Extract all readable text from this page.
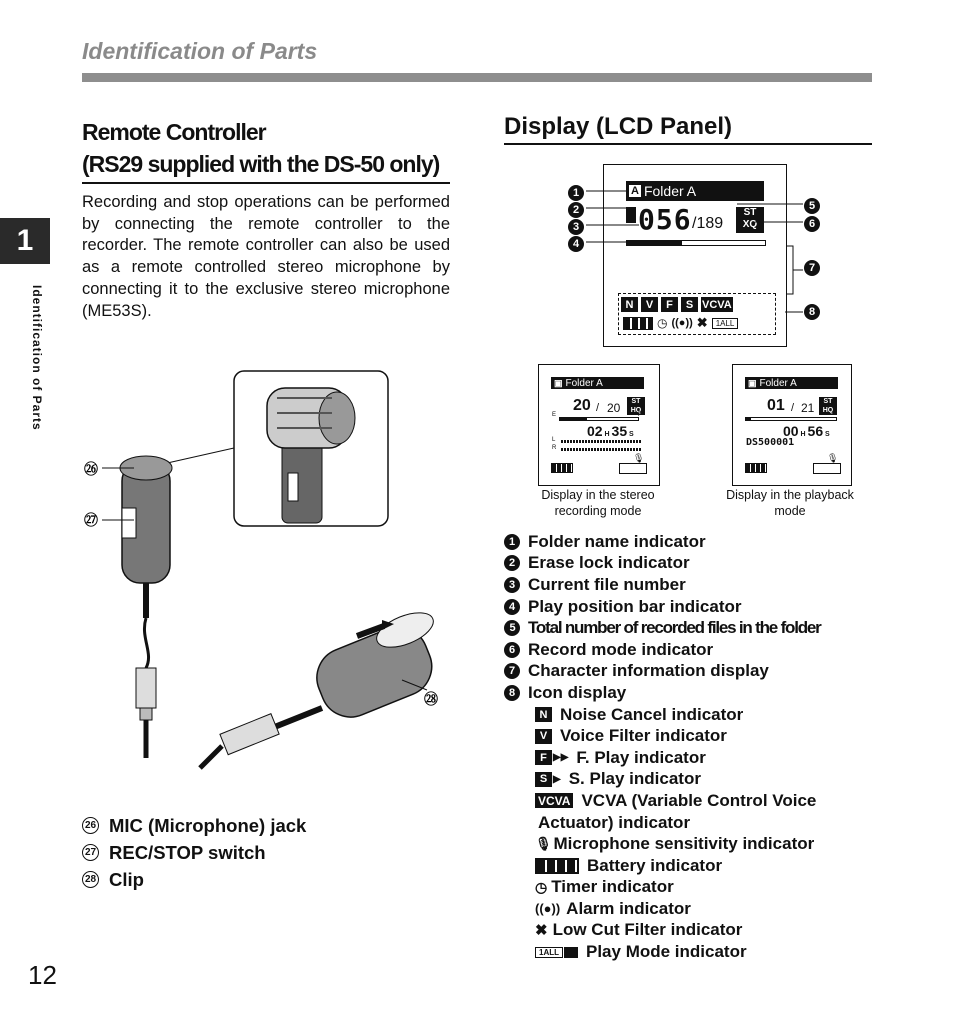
Identification of Parts
1
Identification of Parts
12
Remote Controller
(RS29 supplied with the DS-50 only)
Recording and stop operations can be performed by connecting the remote controller to the recorder. The remote controller can also be used as a remote controlled stereo microphone by connecting it to the exclusive stereo microphone (ME53S).
㉖
㉗
㉘
26 MIC (Microphone) jack
27 REC/STOP switch
28 Clip
Display (LCD Panel)
A Folder A
056 /189
ST
XQ
N	V	F	S VCVA
◷ ((●)) ✖	1ALL
1
2
3
4
5
6
7
8
▣ Folder A
20 / 20	ST
HQ
E	F
02 H 35 S
L
R
🎙
Display in the stereo recording mode
▣ Folder A
01 / 21	ST
HQ
00 H 56 S
DS500001
🎙
Display in the playback mode
1 Folder name indicator
2 Erase lock indicator
3 Current file number
4 Play position bar indicator
5 Total number of recorded files in the folder
6 Record mode indicator
7 Character information display
8 Icon display
N Noise Cancel indicator
V Voice Filter indicator
F ▶▶ F. Play indicator
S ▶ S. Play indicator
VCVA VCVA (Variable Control Voice
Actuator) indicator
🎙 Microphone sensitivity indicator
Battery indicator
◷ Timer indicator
((●)) Alarm indicator
✖ Low Cut Filter indicator
1ALL Play Mode indicator
